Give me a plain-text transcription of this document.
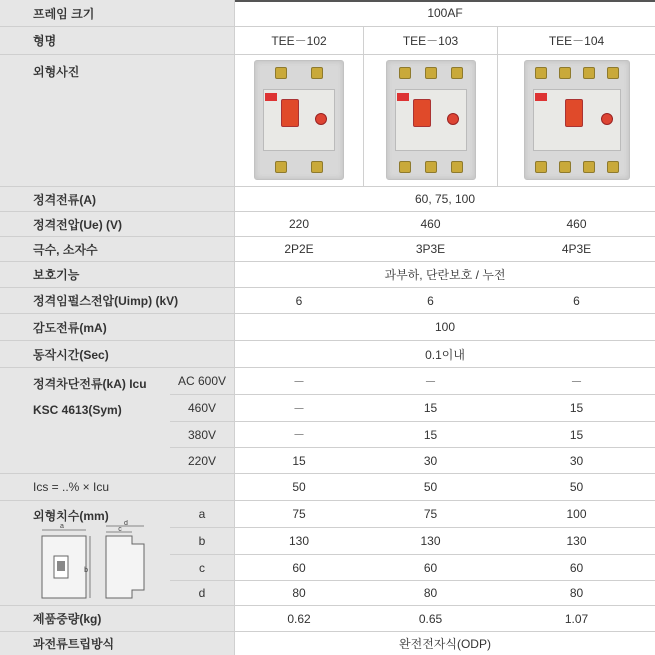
프레임 크기	100AF
형명	TEE－102	TEE－103	TEE－104
외형사진
정격전류(A)	60, 75, 100
정격전압(Ue) (V)	220	460	460
극수, 소자수	2P2E	3P3E	4P3E
보호기능	과부하, 단란보호 / 누전
정격임펄스전압(Uimp) (kV)	6	6	6
감도전류(mA)	100
동작시간(Sec)	0.1이내
정격차단전류(kA) Icu
KSC 4613(Sym)
AC 600V	－	－	－
460V	－	15	15
380V	－	15	15
220V	15	30	30
Ics = ..% × Icu	50	50	50
외형치수(mm)
a
b
d
c
a	75	75	100
b	130	130	130
c	60	60	60
d	80	80	80
제품중량(kg)	0.62	0.65	1.07
과전류트립방식	완전전자식(ODP)
